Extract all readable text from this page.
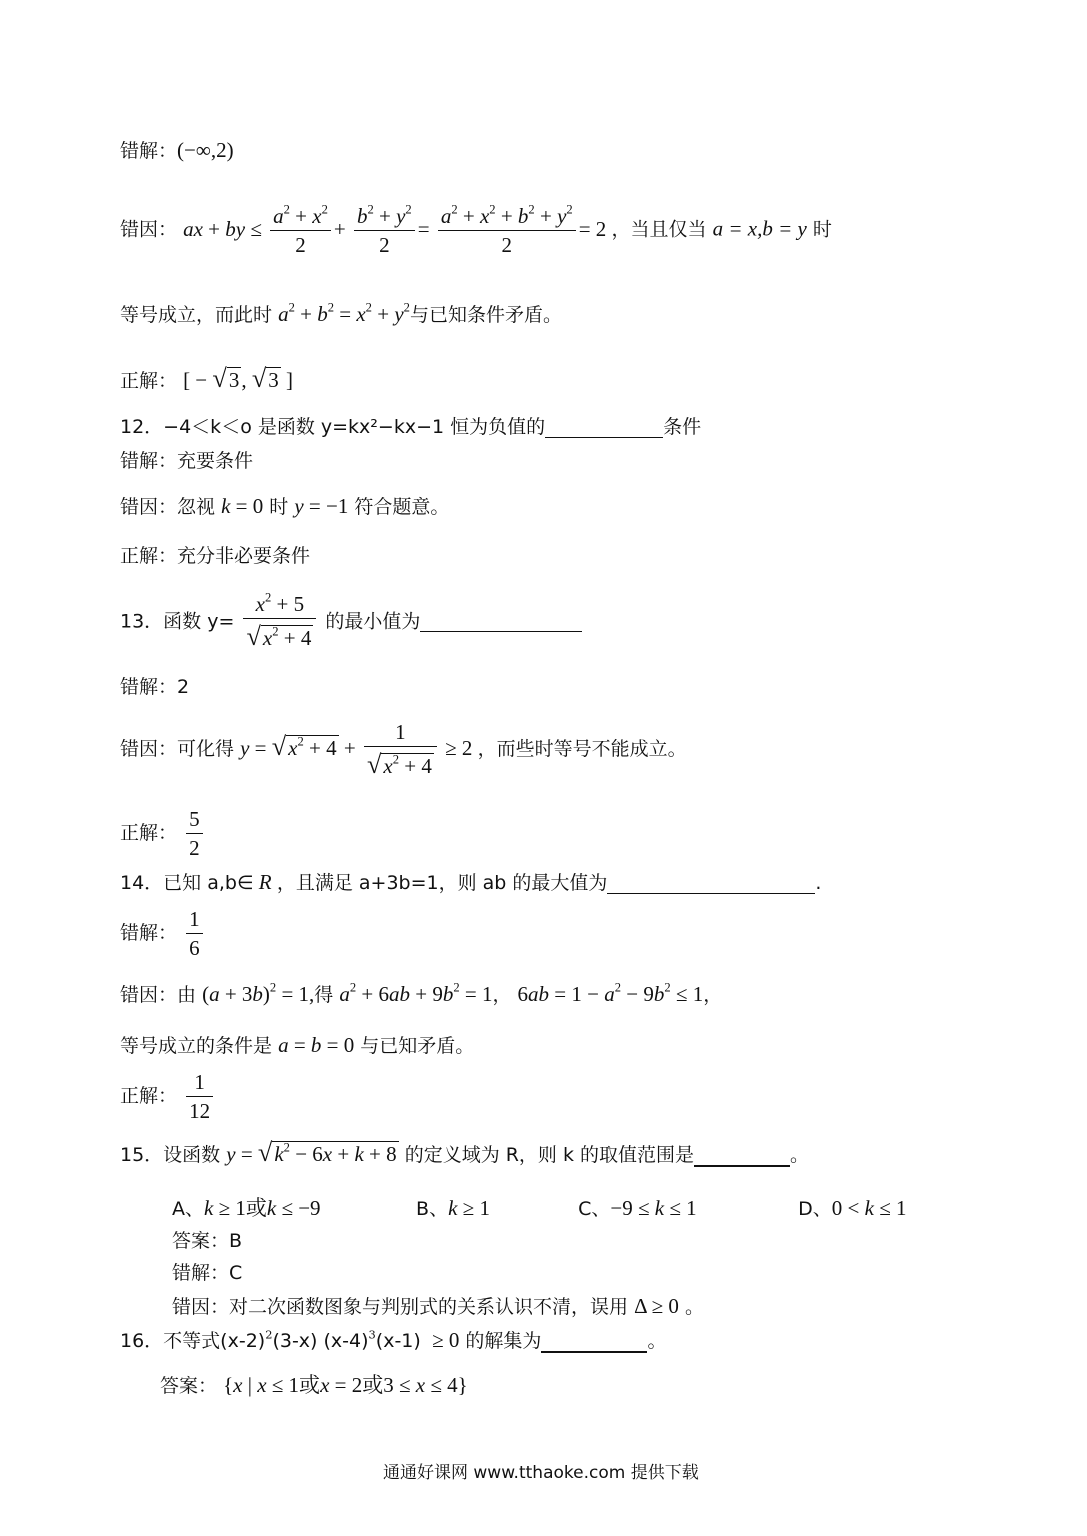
错解：(−∞,2)
错因： ax + by ≤ $\frac{a^2 + x^2}{2} + \frac{b^2 + y^2}{2} = \frac{a^2 + x^2 + b^2 + y^2}{2} = 2$ ，当且仅当 a = x,b = y 时
等号成立，而此时 $a^2 + b^2 = x^2 + y^2$与已知条件矛盾。
正解： [ − √3, √3 ]
12．−4＜k＜o 是函数 y=kx²−kx−1 恒为负值的	条件
错解：充要条件
错因：忽视 k = 0 时 y = −1 符合题意。
正解：充分非必要条件
13．函数 $y= \frac{x^2 + 5}{√x^2 + 4}$ 的最小值为
错解：2
错因：可化得 $y = √x^2 + 4 + \frac{1}{√x^2 + 4} \ge 2$ ，而些时等号不能成立。
正解： $\frac{5}{2}$
14．已知 a,b∈ R ，且满足 a+3b=1，则 ab 的最大值为	.
错解： $\frac{1}{6}$
错因：由 $(a + 3b)^2 = 1$,得 $a^2 + 6ab + 9b^2 = 1$， $6ab = 1 - a^2 - 9b^2 \le 1$，
等号成立的条件是 a = b = 0 与已知矛盾。
正解： $\frac{1}{12}$
15．设函数 $y = √k^2 - 6x + k + 8$ 的定义域为 R，则 k 的取值范围是	。
A、k ≥ 1或k ≤ −9	B、k ≥ 1	C、−9 ≤ k ≤ 1	D、0 < k ≤ 1
答案：B
错解：C
错因：对二次函数图象与判别式的关系认识不清，误用 Δ ≥ 0 。
16．不等式$(x-2)^2(3-x) (x-4)^3(x-1) \ge 0$ 的解集为	。
答案： {x | x ≤ 1或x = 2或3 ≤ x ≤ 4}
通通好课网 www.tthaoke.com 提供下载
